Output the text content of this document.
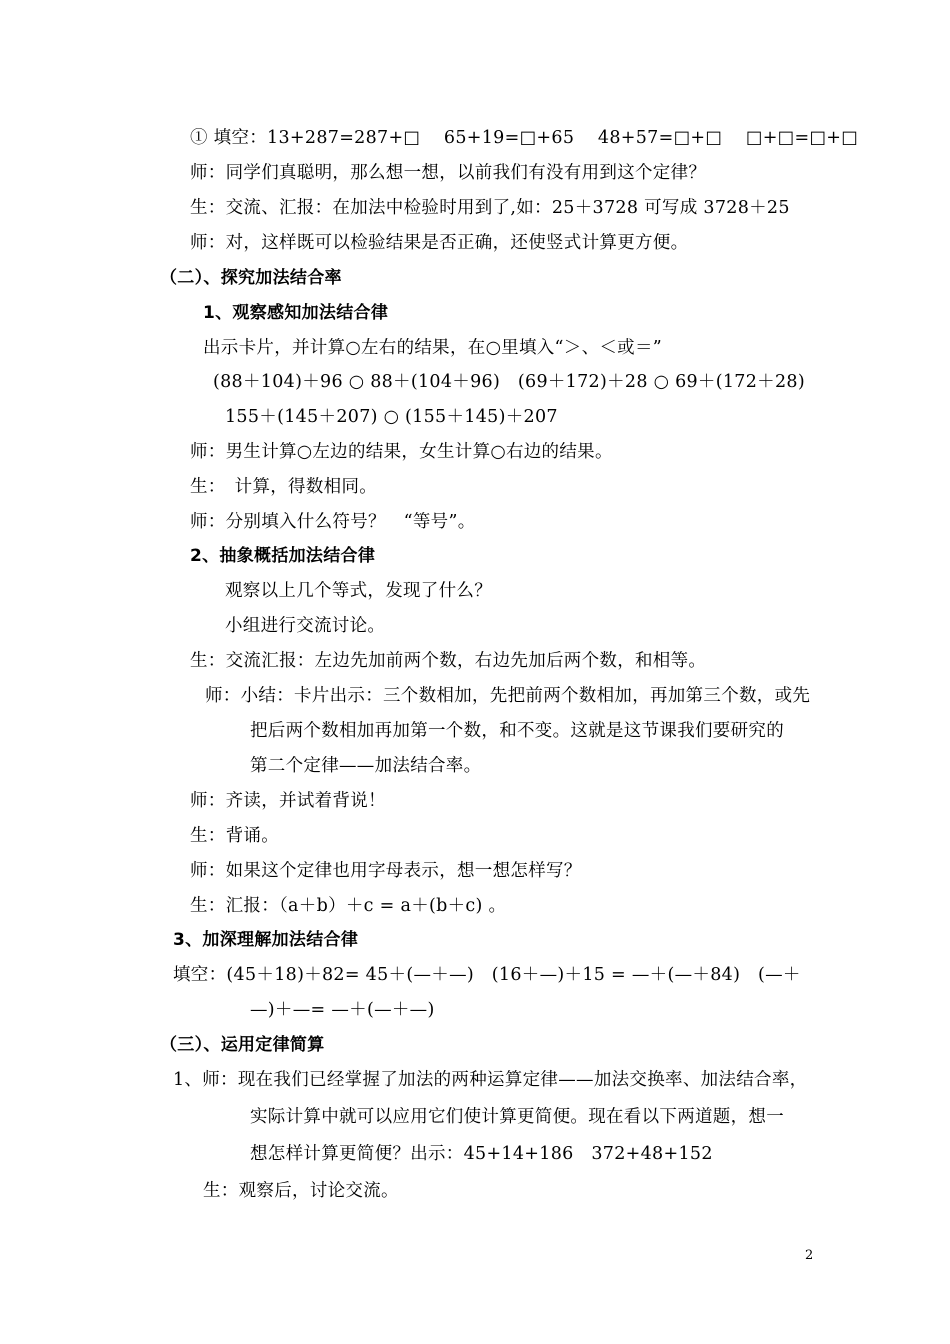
① 填空：13+287=287+□　 65+19=□+65　 48+57=□+□　 □+□=□+□
师：同学们真聪明，那么想一想，以前我们有没有用到这个定律？
生：交流、汇报：在加法中检验时用到了,如：25＋3728 可写成 3728＋25
师：对，这样既可以检验结果是否正确，还使竖式计算更方便。
（二）、探究加法结合率
1、观察感知加法结合律
出示卡片，并计算○左右的结果，在○里填入“＞、＜或＝”
(88＋104)＋96 ○ 88＋(104＋96)　(69＋172)＋28 ○ 69＋(172＋28)
155＋(145＋207) ○ (155＋145)＋207
师：男生计算○左边的结果，女生计算○右边的结果。
生：　计算，得数相同。
师：分别填入什么符号？　“等号”。
2、抽象概括加法结合律
观察以上几个等式，发现了什么？
小组进行交流讨论。
生：交流汇报：左边先加前两个数，右边先加后两个数，和相等。
师：小结：卡片出示：三个数相加，先把前两个数相加，再加第三个数，或先
把后两个数相加再加第一个数，和不变。这就是这节课我们要研究的
第二个定律——加法结合率。
师：齐读，并试着背说！
生：背诵。
师：如果这个定律也用字母表示，想一想怎样写？
生：汇报：（a＋b）＋c = a＋(b＋c) 。
3、加深理解加法结合律
填空：(45＋18)＋82= 45＋(—＋—)　(16＋—)＋15 = —＋(—＋84)　(—＋
—)＋—= —＋(—＋—)
（三）、运用定律简算
1、师：现在我们已经掌握了加法的两种运算定律——加法交换率、加法结合率，
实际计算中就可以应用它们使计算更简便。现在看以下两道题，想一
想怎样计算更简便？出示：45+14+186　372+48+152
生：观察后，讨论交流。
2
